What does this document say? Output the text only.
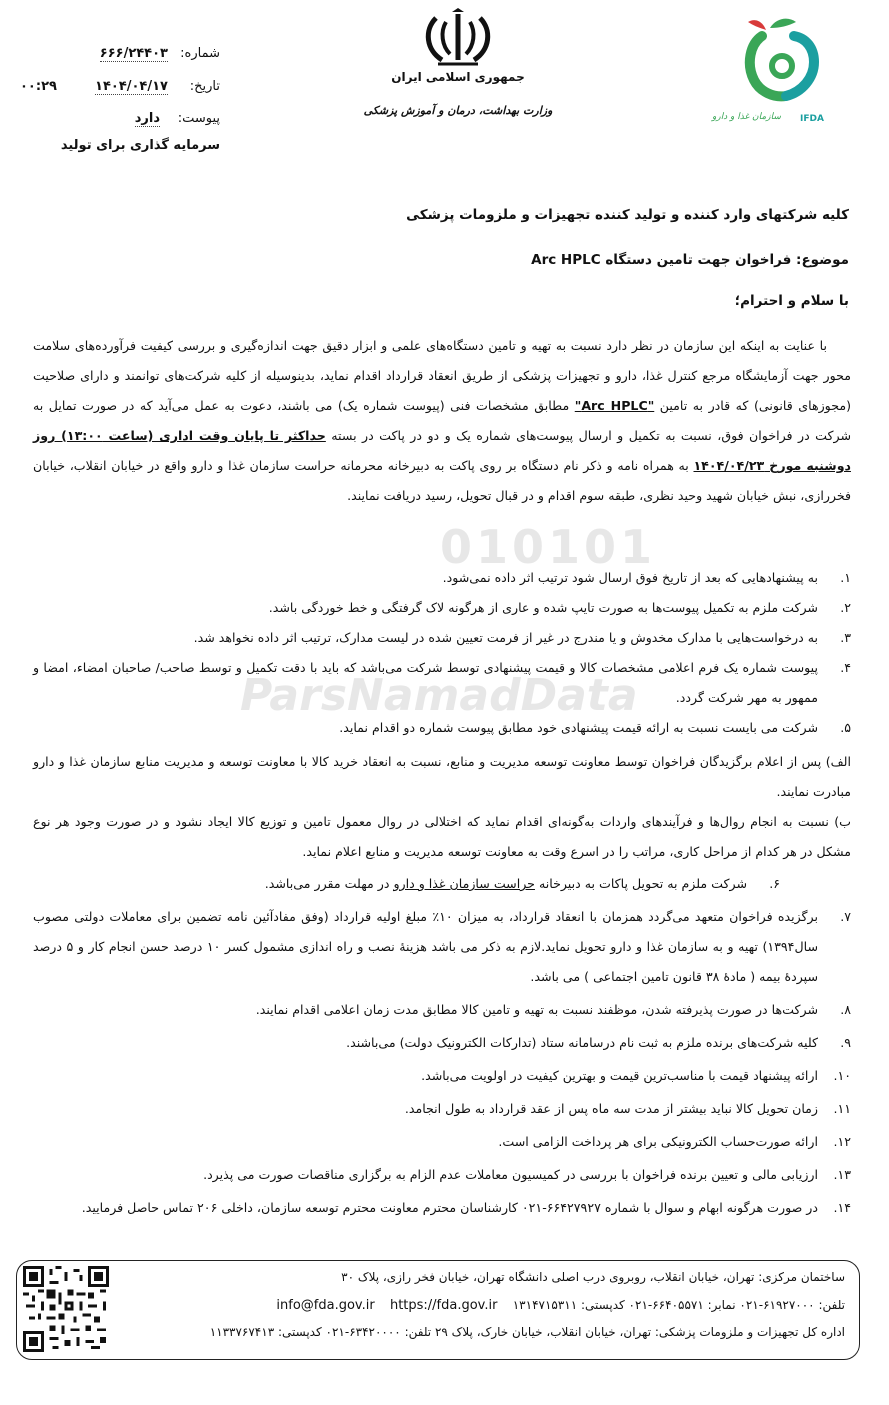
010101
ParsNamadData
سازمان غذا و دارو IFDA
جمهوری اسلامی ایران
وزارت بهداشت، درمان و آموزش پزشکی
شماره:
۶۶۶/۲۴۴۰۳
تاریخ:
۱۴۰۴/۰۴/۱۷
۰۰:۲۹
پیوست:
دارد
سرمایه گذاری برای تولید
کلیه شرکتهای وارد کننده و تولید کننده تجهیزات و ملزومات پزشکی
موضوع: فراخوان جهت تامین دستگاه Arc HPLC
با سلام و احترام؛
با عنایت به اینکه این سازمان در نظر دارد نسبت به تهیه و تامین دستگاه‌های علمی و ابزار دقیق جهت اندازه‌گیری و بررسی کیفیت فرآورده‌های سلامت محور جهت آزمایشگاه مرجع کنترل غذا، دارو و تجهیزات پزشکی از طریق انعقاد قرارداد اقدام نماید، بدینوسیله از کلیه شرکت‌های توانمند و دارای صلاحیت (مجوزهای قانونی) که قادر به تامین "Arc HPLC" مطابق مشخصات فنی (پیوست شماره یک) می باشند، دعوت به عمل می‌آید که در صورت تمایل به شرکت در فراخوان فوق، نسبت به تکمیل و ارسال پیوست‌های شماره یک و دو در پاکت در بسته حداکثر تا پایان وقت اداری (ساعت ۱۳:۰۰) روز دوشنبه مورخ ۱۴۰۴/۰۴/۲۳ به همراه نامه و ذکر نام دستگاه بر روی پاکت به دبیرخانه محرمانه حراست سازمان غذا و دارو واقع در خیابان انقلاب، خیابان فخررازی، نبش خیابان شهید وحید نظری، طبقه سوم اقدام و در قبال تحویل، رسید دریافت نمایند.
۱.
به پیشنهادهایی که بعد از تاریخ فوق ارسال شود ترتیب اثر داده نمی‌شود.
۲.
شرکت ملزم به تکمیل پیوست‌ها به صورت تایپ شده و عاری از هرگونه لاک گرفتگی و خط خوردگی باشد.
۳.
به درخواست‌هایی با مدارک مخدوش و یا مندرج در غیر از فرمت تعیین شده در لیست مدارک، ترتیب اثر داده نخواهد شد.
۴.
پیوست شماره یک فرم اعلامی مشخصات کالا و قیمت پیشنهادی توسط شرکت می‌باشد که باید با دقت تکمیل و توسط صاحب/ صاحبان امضاء، امضا و ممهور به مهر شرکت گردد.
۵.
شرکت می بایست نسبت به ارائه قیمت پیشنهادی خود مطابق پیوست شماره دو اقدام نماید.
الف) پس از اعلام برگزیدگان فراخوان توسط معاونت توسعه مدیریت و منابع، نسبت به انعقاد خرید کالا با معاونت توسعه و مدیریت منابع سازمان غذا و دارو مبادرت نمایند.
ب) نسبت به انجام روال‌ها و فرآیندهای واردات به‌گونه‌ای اقدام نماید که اختلالی در روال معمول تامین و توزیع کالا ایجاد نشود و در صورت وجود هر نوع مشکل در هر کدام از مراحل کاری، مراتب را در اسرع وقت به معاونت توسعه مدیریت و منابع اعلام نماید.
۶.
شرکت ملزم به تحویل پاکات به دبیرخانه حراست سازمان غذا و دارو در مهلت مقرر می‌باشد.
۷.
برگزیده فراخوان متعهد می‌گردد همزمان با انعقاد قرارداد، به میزان ۱۰٪ مبلغ اولیه قرارداد (وفق مفادآئین نامه تضمین برای معاملات دولتی مصوب سال۱۳۹۴) تهیه و به سازمان غذا و دارو تحویل نماید.لازم به ذکر می باشد هزینهٔ نصب و راه اندازی مشمول کسر ۱۰ درصد حسن انجام کار و ۵ درصد سپردهٔ بیمه ( مادهٔ ۳۸ قانون تامین اجتماعی ) می باشد.
۸.
شرکت‌ها در صورت پذیرفته شدن، موظفند نسبت به تهیه و تامین کالا مطابق مدت زمان اعلامی اقدام نمایند.
۹.
کلیه شرکت‌های برنده ملزم به ثبت نام درسامانه ستاد (تدارکات الکترونیک دولت) می‌باشند.
۱۰.
ارائه پیشنهاد قیمت با مناسب‌ترین قیمت و بهترین کیفیت در اولویت می‌باشد.
۱۱.
زمان تحویل کالا نباید بیشتر از مدت سه ماه پس از عقد قرارداد به طول انجامد.
۱۲.
ارائه صورت‌حساب الکترونیکی برای هر پرداخت الزامی است.
۱۳.
ارزیابی مالی و تعیین برنده فراخوان با بررسی در کمیسیون معاملات عدم الزام به برگزاری مناقصات صورت می پذیرد.
۱۴.
در صورت هرگونه ابهام و سوال با شماره ۶۶۴۲۷۹۲۷-۰۲۱ کارشناسان محترم معاونت محترم توسعه سازمان، داخلی ۲۰۶ تماس حاصل فرمایید.
ساختمان مرکزی: تهران، خیابان انقلاب، روبروی درب اصلی دانشگاه تهران، خیابان فخر رازی، پلاک ۳۰
تلفن: ۶۱۹۲۷۰۰۰-۰۲۱ نمابر: ۶۶۴۰۵۵۷۱-۰۲۱ کدپستی: ۱۳۱۴۷۱۵۳۱۱    info@fda.gov.ir https://fda.gov.ir
اداره کل تجهیزات و ملزومات پزشکی: تهران، خیابان انقلاب، خیابان خارک، پلاک ۲۹ تلفن: ۶۳۴۲۰۰۰۰-۰۲۱ کدپستی: ۱۱۳۳۷۶۷۴۱۳
